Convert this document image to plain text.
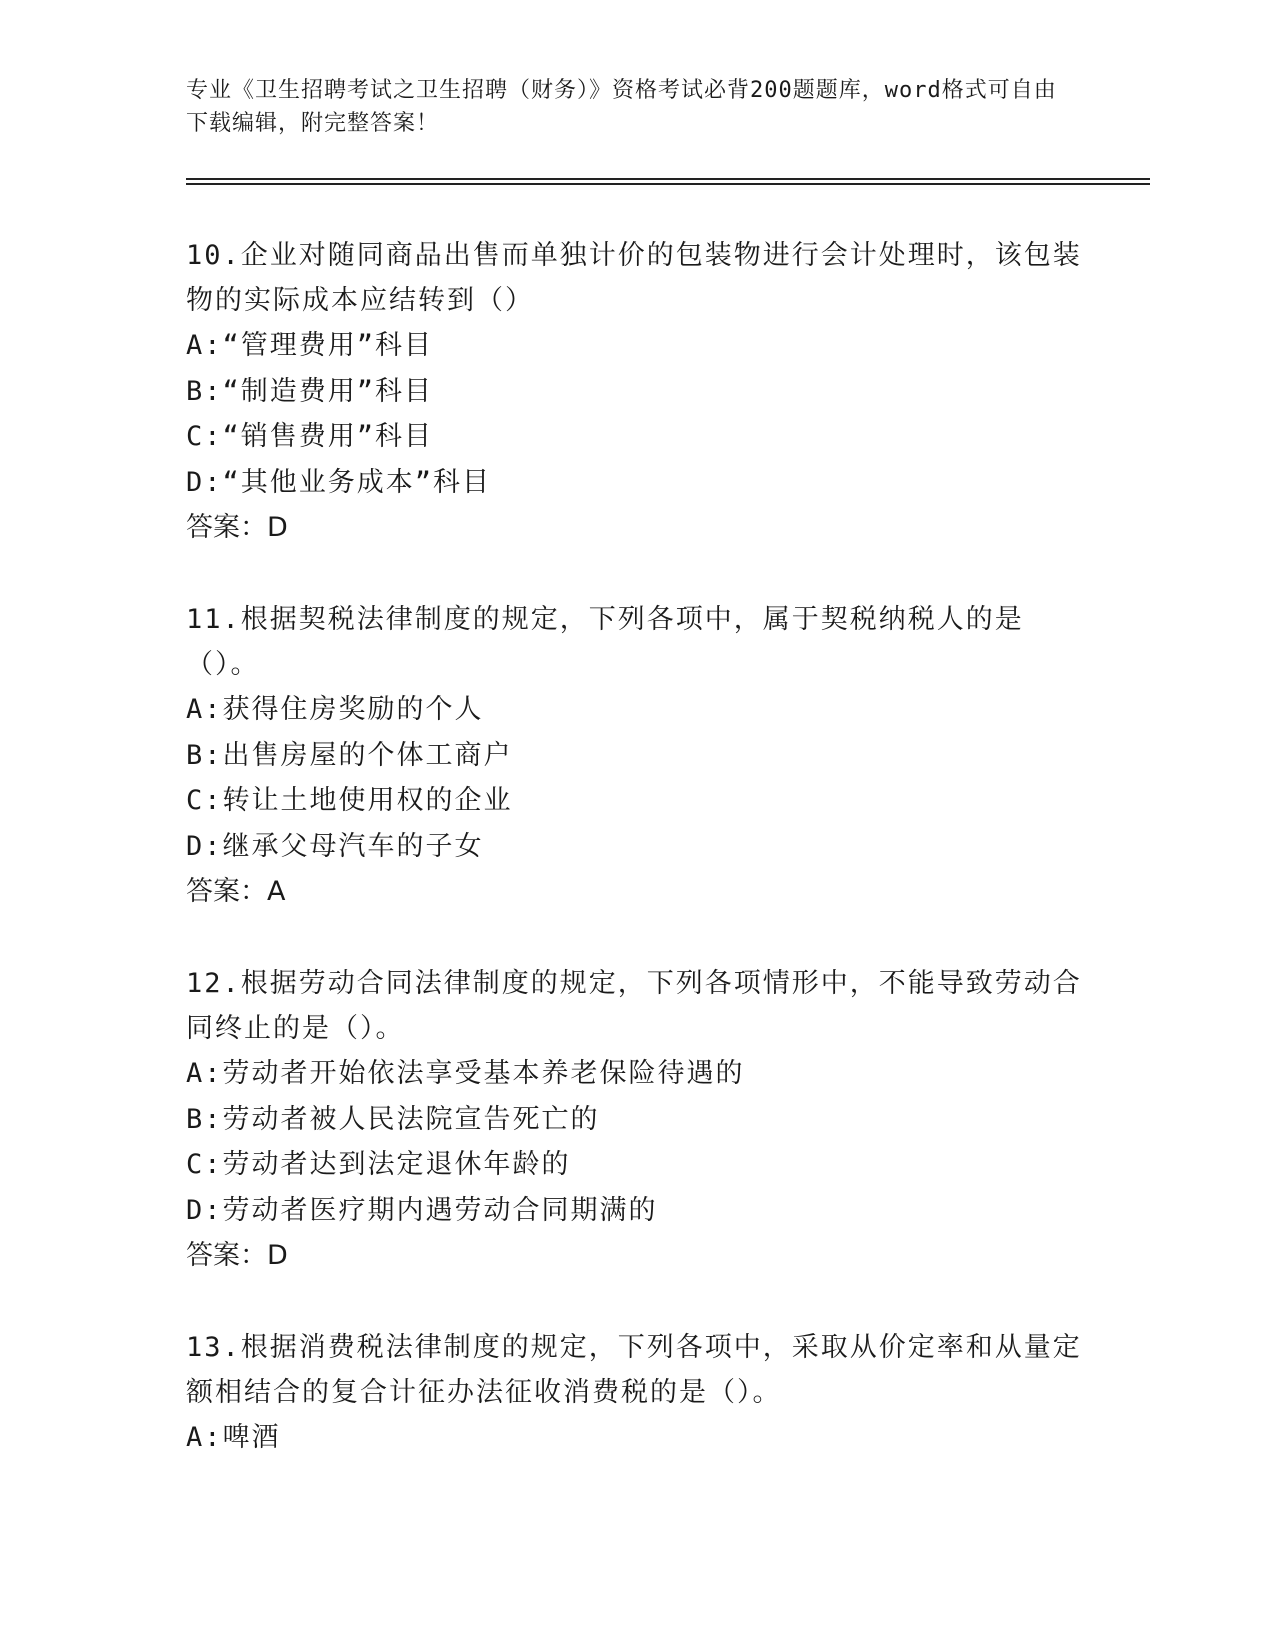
专业《卫生招聘考试之卫生招聘（财务）》资格考试必背200题题库，word格式可自由下载编辑，附完整答案！

10.企业对随同商品出售而单独计价的包装物进行会计处理时，该包装物的实际成本应结转到（）

A:“管理费用”科目

B:“制造费用”科目

C:“销售费用”科目

D:“其他业务成本”科目

答案：D

11.根据契税法律制度的规定，下列各项中，属于契税纳税人的是（）。

A:获得住房奖励的个人

B:出售房屋的个体工商户

C:转让土地使用权的企业

D:继承父母汽车的子女

答案：A

12.根据劳动合同法律制度的规定，下列各项情形中，不能导致劳动合同终止的是（）。

A:劳动者开始依法享受基本养老保险待遇的

B:劳动者被人民法院宣告死亡的

C:劳动者达到法定退休年龄的

D:劳动者医疗期内遇劳动合同期满的

答案：D

13.根据消费税法律制度的规定，下列各项中，采取从价定率和从量定额相结合的复合计征办法征收消费税的是（）。

A:啤酒
